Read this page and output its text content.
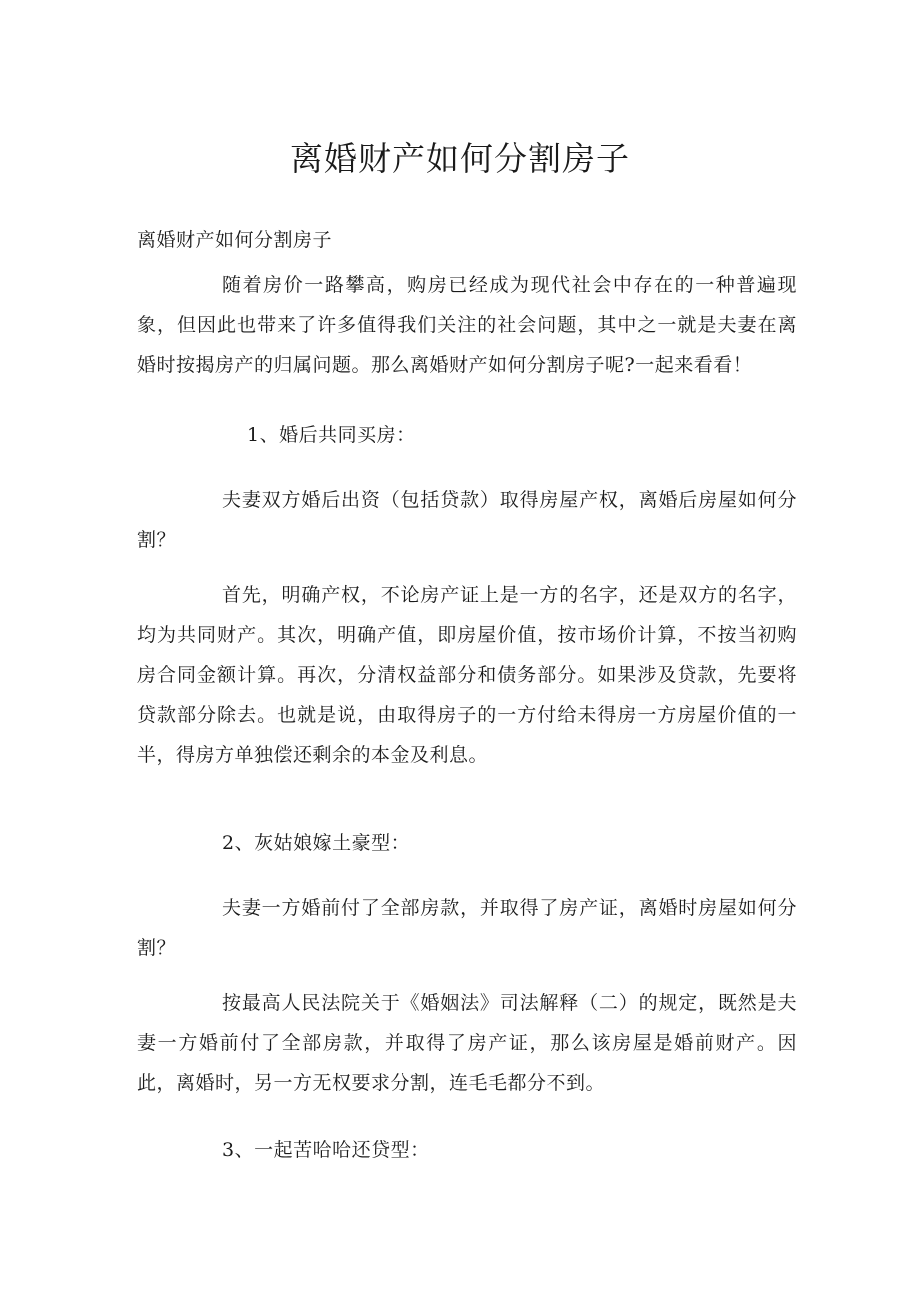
离婚财产如何分割房子

离婚财产如何分割房子

随着房价一路攀高，购房已经成为现代社会中存在的一种普遍现象，但因此也带来了许多值得我们关注的社会问题，其中之一就是夫妻在离婚时按揭房产的归属问题。那么离婚财产如何分割房子呢?一起来看看！

1、婚后共同买房：

夫妻双方婚后出资（包括贷款）取得房屋产权，离婚后房屋如何分割？

首先，明确产权，不论房产证上是一方的名字，还是双方的名字，均为共同财产。其次，明确产值，即房屋价值，按市场价计算，不按当初购房合同金额计算。再次，分清权益部分和债务部分。如果涉及贷款，先要将贷款部分除去。也就是说，由取得房子的一方付给未得房一方房屋价值的一半，得房方单独偿还剩余的本金及利息。

2、灰姑娘嫁土豪型：

夫妻一方婚前付了全部房款，并取得了房产证，离婚时房屋如何分割？

按最高人民法院关于《婚姻法》司法解释（二）的规定，既然是夫妻一方婚前付了全部房款，并取得了房产证，那么该房屋是婚前财产。因此，离婚时，另一方无权要求分割，连毛毛都分不到。

3、一起苦哈哈还贷型：
